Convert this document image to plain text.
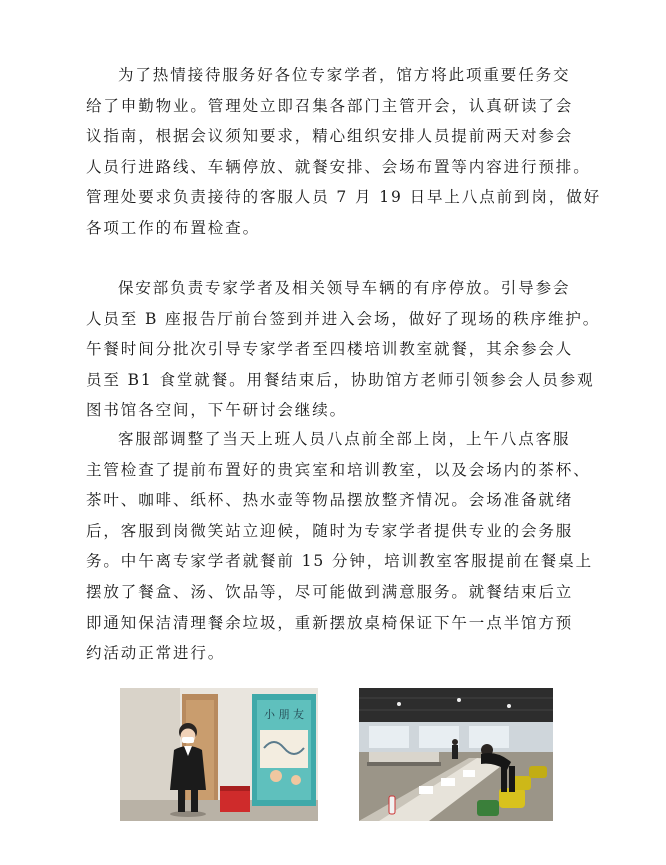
为了热情接待服务好各位专家学者，馆方将此项重要任务交
给了申勤物业。管理处立即召集各部门主管开会，认真研读了会
议指南，根据会议须知要求，精心组织安排人员提前两天对参会
人员行进路线、车辆停放、就餐安排、会场布置等内容进行预排。
管理处要求负责接待的客服人员 7 月 19 日早上八点前到岗，做好
各项工作的布置检查。
保安部负责专家学者及相关领导车辆的有序停放。引导参会
人员至 B 座报告厅前台签到并进入会场，做好了现场的秩序维护。
午餐时间分批次引导专家学者至四楼培训教室就餐，其余参会人
员至 B1 食堂就餐。用餐结束后，协助馆方老师引领参会人员参观
图书馆各空间，下午研讨会继续。
客服部调整了当天上班人员八点前全部上岗，上午八点客服
主管检查了提前布置好的贵宾室和培训教室，以及会场内的茶杯、
茶叶、咖啡、纸杯、热水壶等物品摆放整齐情况。会场准备就绪
后，客服到岗微笑站立迎候，随时为专家学者提供专业的会务服
务。中午离专家学者就餐前 15 分钟，培训教室客服提前在餐桌上
摆放了餐盒、汤、饮品等，尽可能做到满意服务。就餐结束后立
即通知保洁清理餐余垃圾，重新摆放桌椅保证下午一点半馆方预
约活动正常进行。
小 朋 友
